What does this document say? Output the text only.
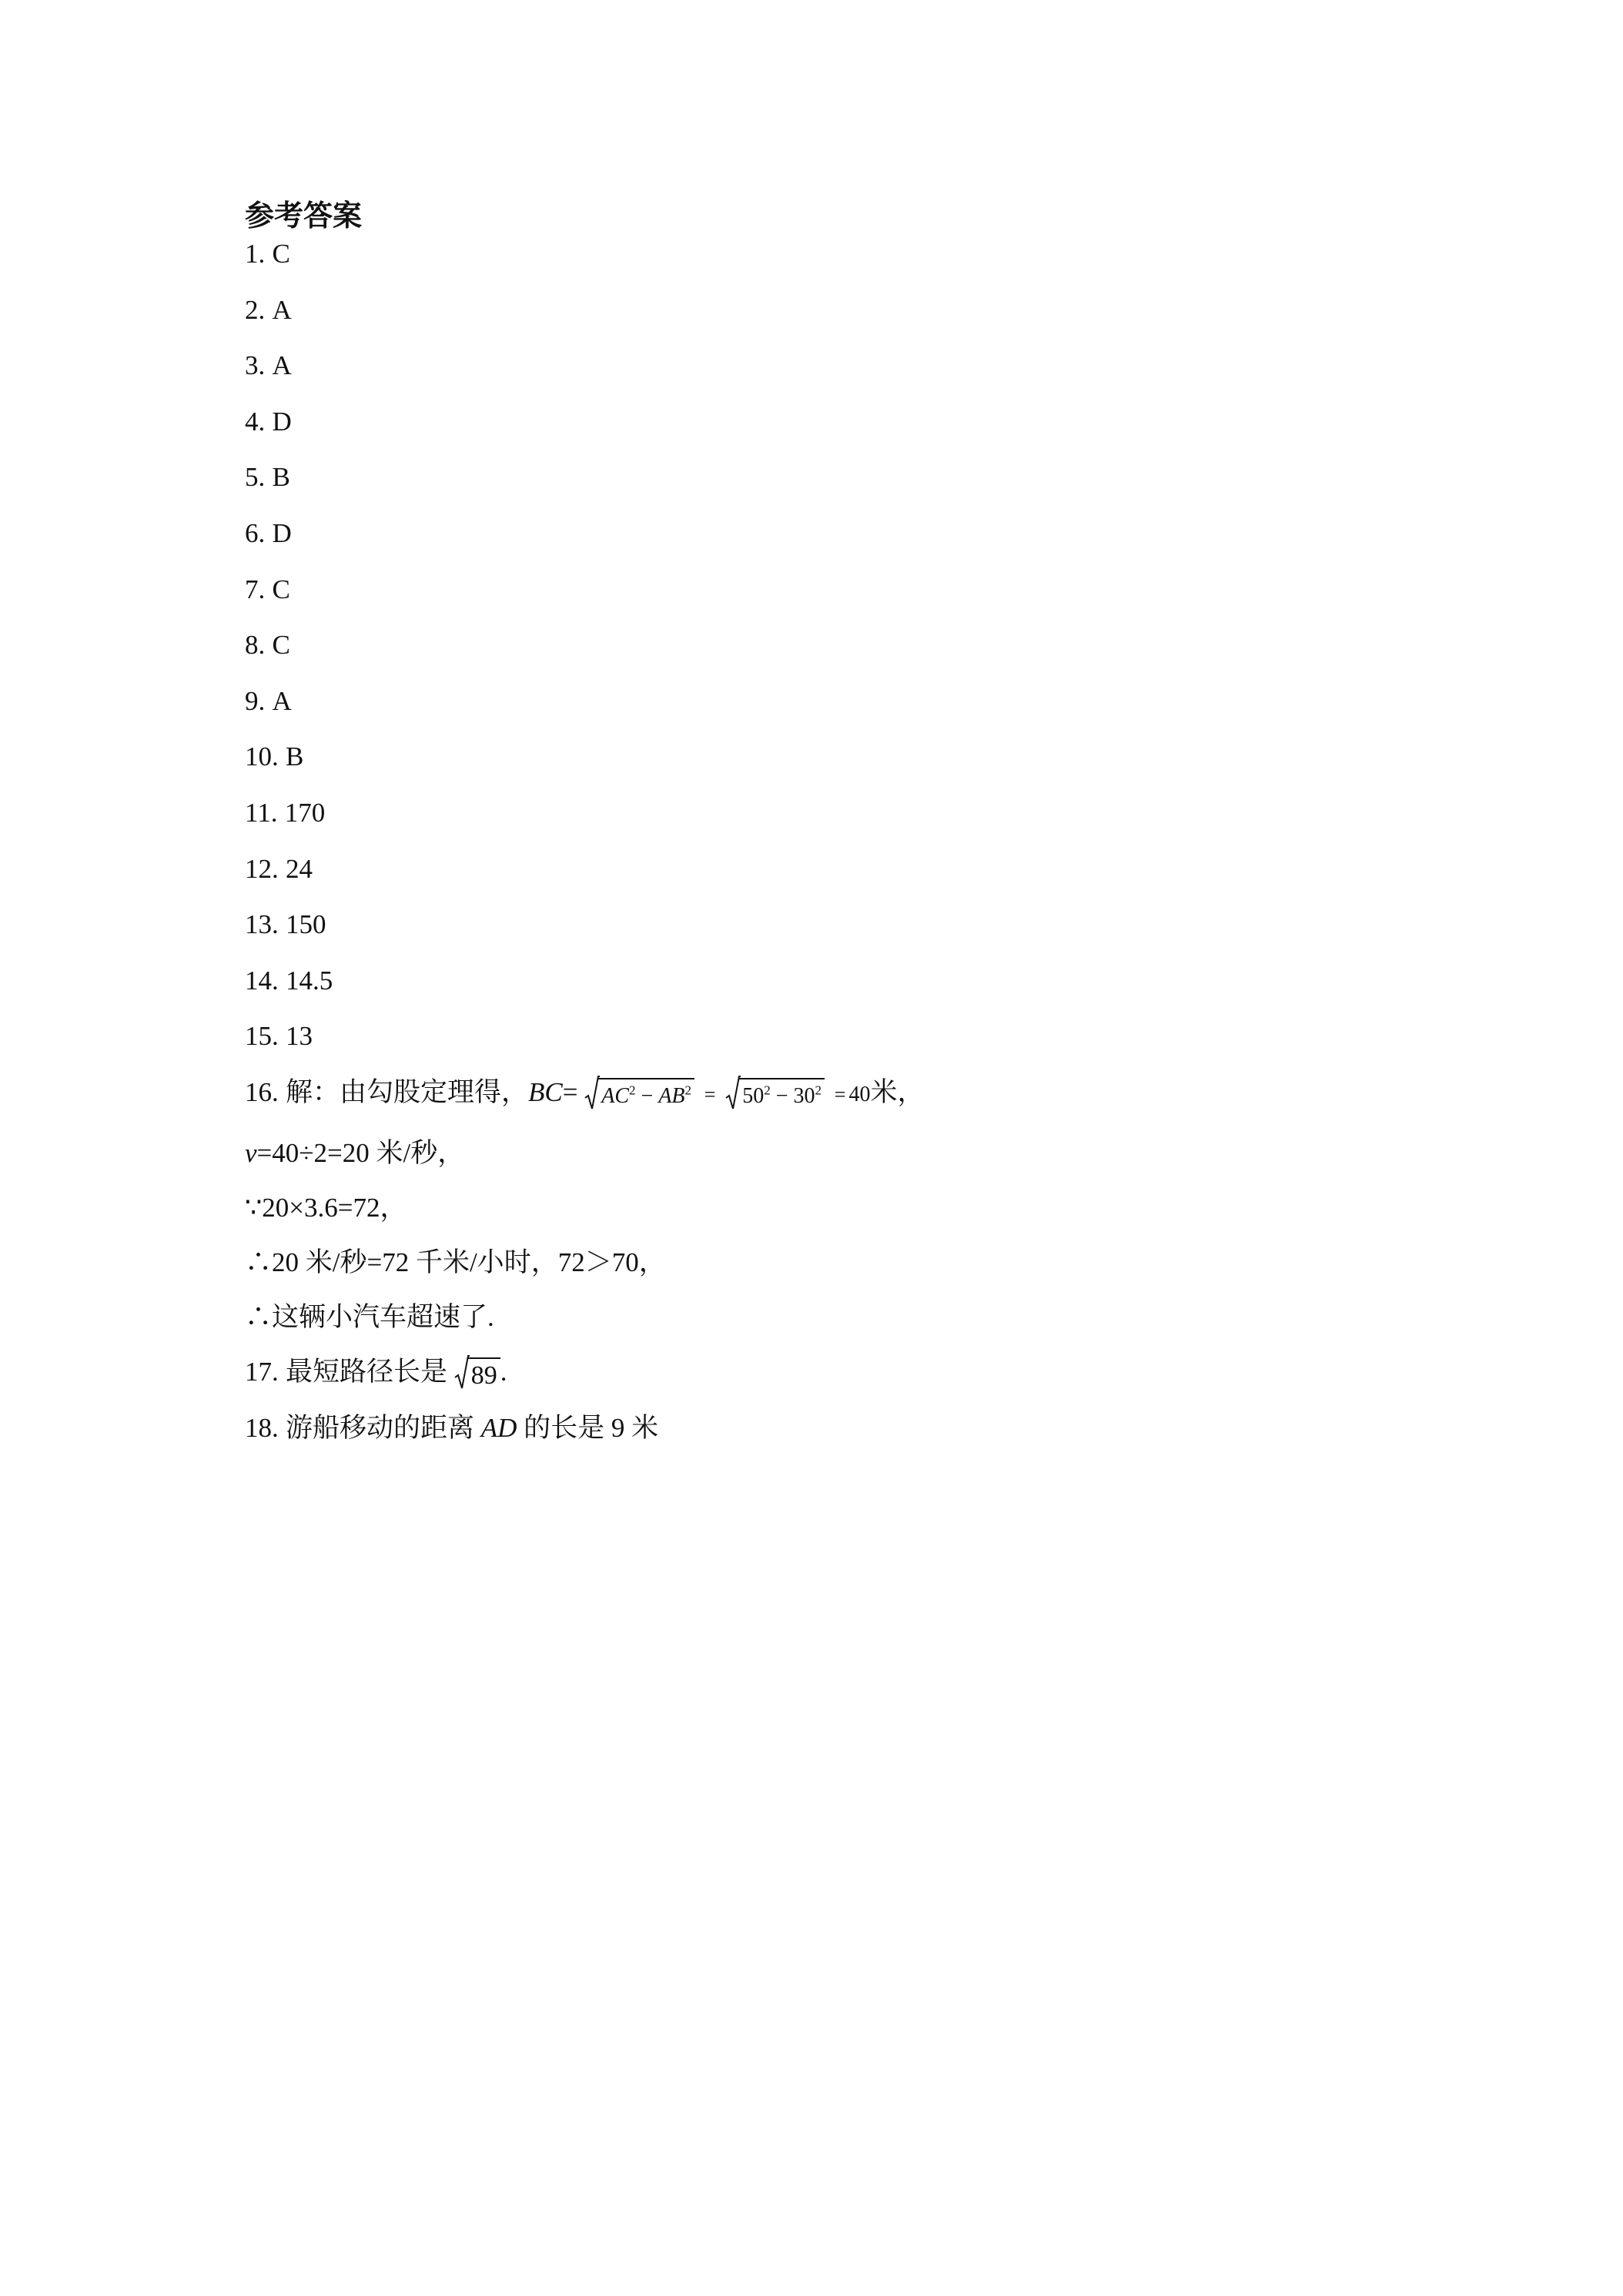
参考答案
1. C
2. A
3. A
4. D
5. B
6. D
7. C
8. C
9. A
10. B
11. 170
12. 24
13. 150
14. 14.5
15. 13
16. 解：由勾股定理得，$BC= AC^2 - AB^2 = 50^2 - 30^2 = 40$米，
v=40÷2=20 米/秒，
∵20×3.6=72，
∴20 米/秒=72 千米/小时，72＞70，
∴这辆小汽车超速了.
17. 最短路径长是 89 .
18. 游船移动的距离 AD 的长是 9 米
